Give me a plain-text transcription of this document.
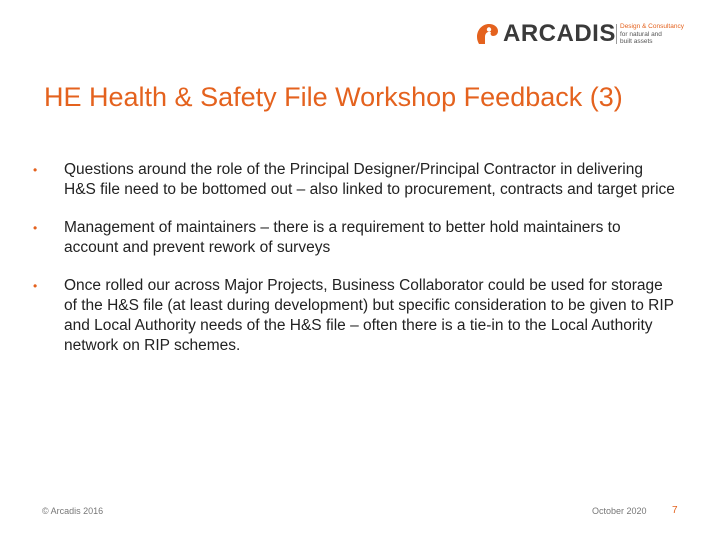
ARCADIS Design & Consultancy
for natural and
built assets
HE Health & Safety File Workshop Feedback (3)
• Questions around the role of the Principal Designer/Principal Contractor in delivering H&S file need to be bottomed out – also linked to procurement, contracts and target price
• Management of maintainers – there is a requirement to better hold maintainers to account and prevent rework of surveys
• Once rolled our across Major Projects, Business Collaborator could be used for storage of the H&S file (at least during development) but specific consideration to be given to RIP and Local Authority needs of the H&S file – often there is a tie-in to the Local Authority network on RIP schemes.
© Arcadis 2016	October 2020	7
